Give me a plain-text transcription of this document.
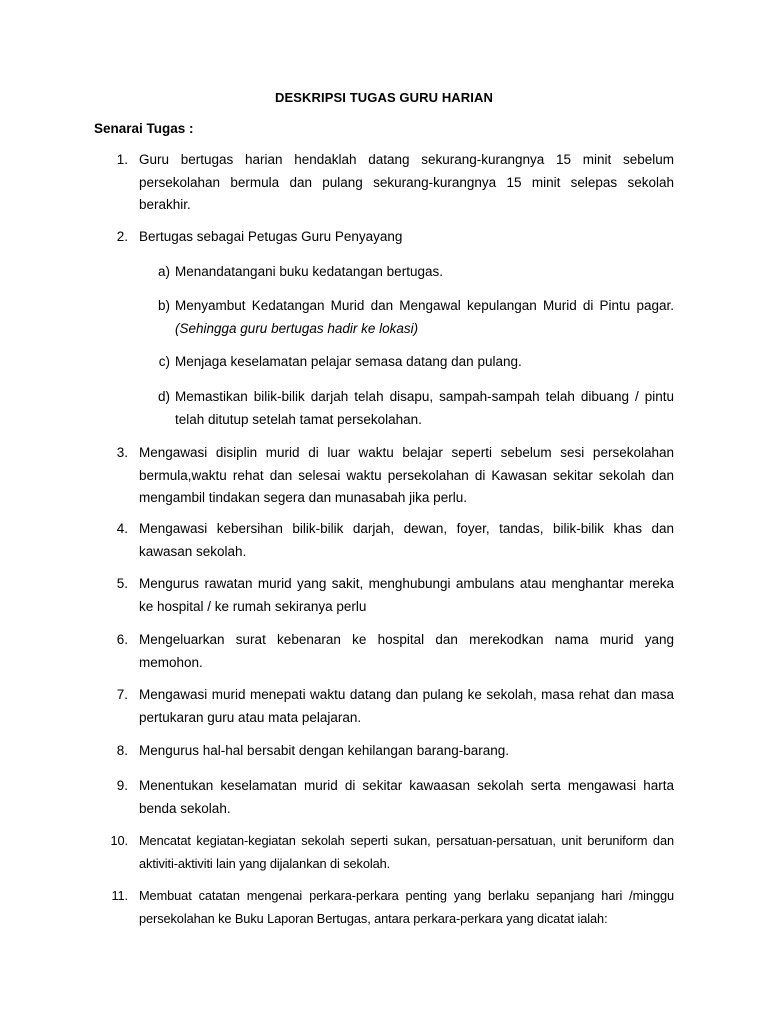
DESKRIPSI TUGAS GURU HARIAN
Senarai Tugas :
1. Guru bertugas harian hendaklah datang sekurang-kurangnya 15 minit sebelum persekolahan bermula dan pulang sekurang-kurangnya 15 minit selepas sekolah berakhir.
2. Bertugas sebagai Petugas Guru Penyayang
a) Menandatangani buku kedatangan bertugas.
b) Menyambut Kedatangan Murid dan Mengawal kepulangan Murid di Pintu pagar. (Sehingga guru bertugas hadir ke lokasi)
c) Menjaga keselamatan pelajar semasa datang dan pulang.
d) Memastikan bilik-bilik darjah telah disapu, sampah-sampah telah dibuang / pintu telah ditutup setelah tamat persekolahan.
3. Mengawasi disiplin murid di luar waktu belajar seperti sebelum sesi persekolahan bermula,waktu rehat dan selesai waktu persekolahan di Kawasan sekitar sekolah dan mengambil tindakan segera dan munasabah jika perlu.
4. Mengawasi kebersihan bilik-bilik darjah, dewan, foyer, tandas, bilik-bilik khas dan kawasan sekolah.
5. Mengurus rawatan murid yang sakit, menghubungi ambulans atau menghantar mereka ke hospital / ke rumah sekiranya perlu
6. Mengeluarkan surat kebenaran ke hospital dan merekodkan nama murid yang memohon.
7. Mengawasi murid menepati waktu datang dan pulang ke sekolah, masa rehat dan masa pertukaran guru atau mata pelajaran.
8. Mengurus hal-hal bersabit dengan kehilangan barang-barang.
9. Menentukan keselamatan murid di sekitar kawaasan sekolah serta mengawasi harta benda sekolah.
10. Mencatat kegiatan-kegiatan sekolah seperti sukan, persatuan-persatuan, unit beruniform dan aktiviti-aktiviti lain yang dijalankan di sekolah.
11. Membuat catatan mengenai perkara-perkara penting yang berlaku sepanjang hari /minggu persekolahan ke Buku Laporan Bertugas, antara perkara-perkara yang dicatat ialah:
